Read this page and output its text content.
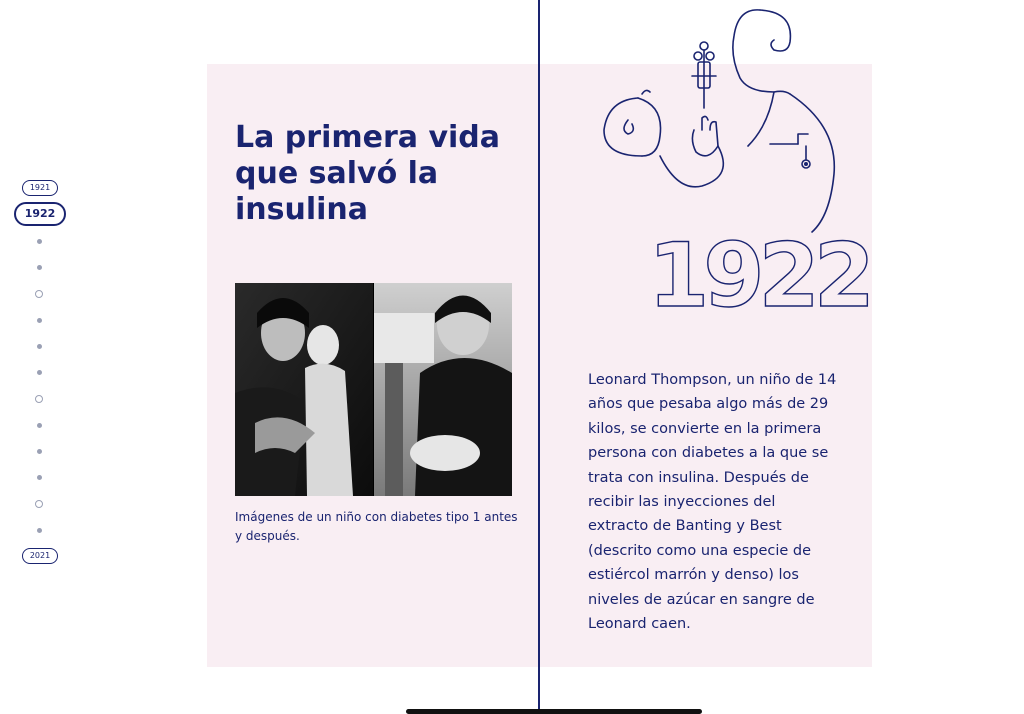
1921
1922
2021
La primera vida que salvó la insulina

Imágenes de un niño con diabetes tipo 1 antes y después.

1922

Leonard Thompson, un niño de 14 años que pesaba algo más de 29 kilos, se convierte en la primera persona con diabetes a la que se trata con insulina. Después de recibir las inyecciones del extracto de Banting y Best (descrito como una especie de estiércol marrón y denso) los niveles de azúcar en sangre de Leonard caen.
